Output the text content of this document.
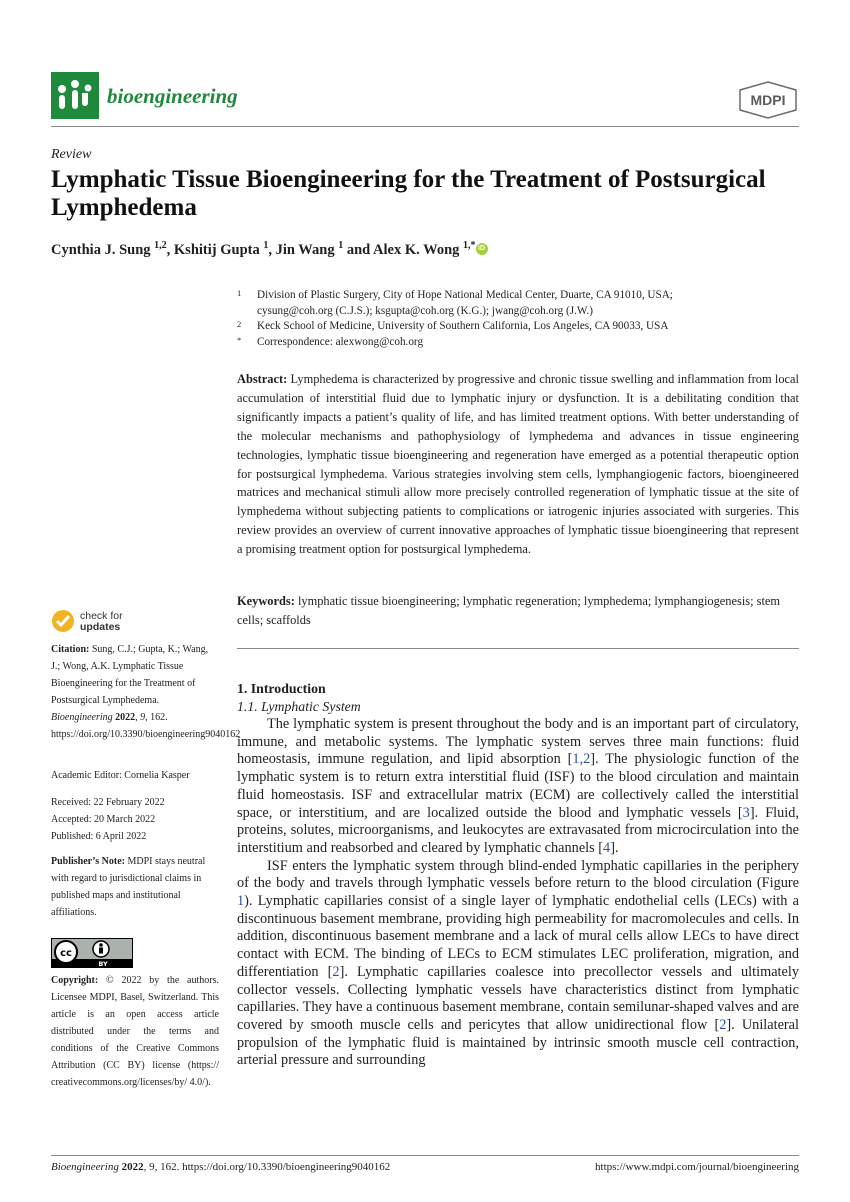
bioengineering	MDPI
Review
Lymphatic Tissue Bioengineering for the Treatment of Postsurgical Lymphedema
Cynthia J. Sung $^{1,2}$, Kshitij Gupta $^1$, Jin Wang $^1$ and Alex K. Wong $^{1,*}$ iD
1 Division of Plastic Surgery, City of Hope National Medical Center, Duarte, CA 91010, USA;
cysung@coh.org (C.J.S.); ksgupta@coh.org (K.G.); jwang@coh.org (J.W.)
2 Keck School of Medicine, University of Southern California, Los Angeles, CA 90033, USA
* Correspondence: alexwong@coh.org
Abstract: Lymphedema is characterized by progressive and chronic tissue swelling and inflammation from local accumulation of interstitial fluid due to lymphatic injury or dysfunction. It is a debilitating condition that significantly impacts a patient’s quality of life, and has limited treatment options. With better understanding of the molecular mechanisms and pathophysiology of lymphedema and advances in tissue engineering technologies, lymphatic tissue bioengineering and regeneration have emerged as a potential therapeutic option for postsurgical lymphedema. Various strategies involving stem cells, lymphangiogenic factors, bioengineered matrices and mechanical stimuli allow more precisely controlled regeneration of lymphatic tissue at the site of lymphedema without subjecting patients to complications or iatrogenic injuries associated with surgeries. This review provides an overview of current innovative approaches of lymphatic tissue bioengineering that represent a promising treatment option for postsurgical lymphedema.
Keywords: lymphatic tissue bioengineering; lymphatic regeneration; lymphedema; lymphangiogenesis; stem cells; scaffolds
check for
updates
Citation: Sung, C.J.; Gupta, K.; Wang, J.; Wong, A.K. Lymphatic Tissue Bioengineering for the Treatment of Postsurgical Lymphedema. Bioengineering 2022, 9, 162. https://doi.org/10.3390/bioengineering9040162
Academic Editor: Cornelia Kasper
Received: 22 February 2022
Accepted: 20 March 2022
Published: 6 April 2022
Publisher’s Note: MDPI stays neutral with regard to jurisdictional claims in published maps and institutional affiliations.
cc
BY
Copyright: © 2022 by the authors. Licensee MDPI, Basel, Switzerland. This article is an open access article distributed under the terms and conditions of the Creative Commons Attribution (CC BY) license (https:// creativecommons.org/licenses/by/ 4.0/).
1. Introduction
1.1. Lymphatic System

The lymphatic system is present throughout the body and is an important part of circulatory, immune, and metabolic systems. The lymphatic system serves three main functions: fluid homeostasis, immune regulation, and lipid absorption [1,2]. The physiologic function of the lymphatic system is to return extra interstitial fluid (ISF) to the blood circulation and maintain fluid homeostasis. ISF and extracellular matrix (ECM) are collectively called the interstitial space, or interstitium, and are localized outside the blood and lymphatic vessels [3]. Fluid, proteins, solutes, microorganisms, and leukocytes are extravasated from microcirculation into the interstitium and reabsorbed and cleared by lymphatic channels [4].

ISF enters the lymphatic system through blind-ended lymphatic capillaries in the periphery of the body and travels through lymphatic vessels before return to the blood circulation (Figure 1). Lymphatic capillaries consist of a single layer of lymphatic endothelial cells (LECs) with a discontinuous basement membrane, providing high permeability for macromolecules and cells. In addition, discontinuous basement membrane and a lack of mural cells allow LECs to have direct contact with ECM. The binding of LECs to ECM stimulates LEC proliferation, migration, and differentiation [2]. Lymphatic capillaries coalesce into precollector vessels and ultimately collector vessels. Collecting lymphatic vessels have characteristics distinct from lymphatic capillaries. They have a continuous basement membrane, contain semilunar-shaped valves and are covered by smooth muscle cells and pericytes that allow unidirectional flow [2]. Unilateral propulsion of the lymphatic fluid is maintained by intrinsic smooth muscle cell contraction, arterial pressure and surrounding

Bioengineering 2022, 9, 162. https://doi.org/10.3390/bioengineering9040162	https://www.mdpi.com/journal/bioengineering
